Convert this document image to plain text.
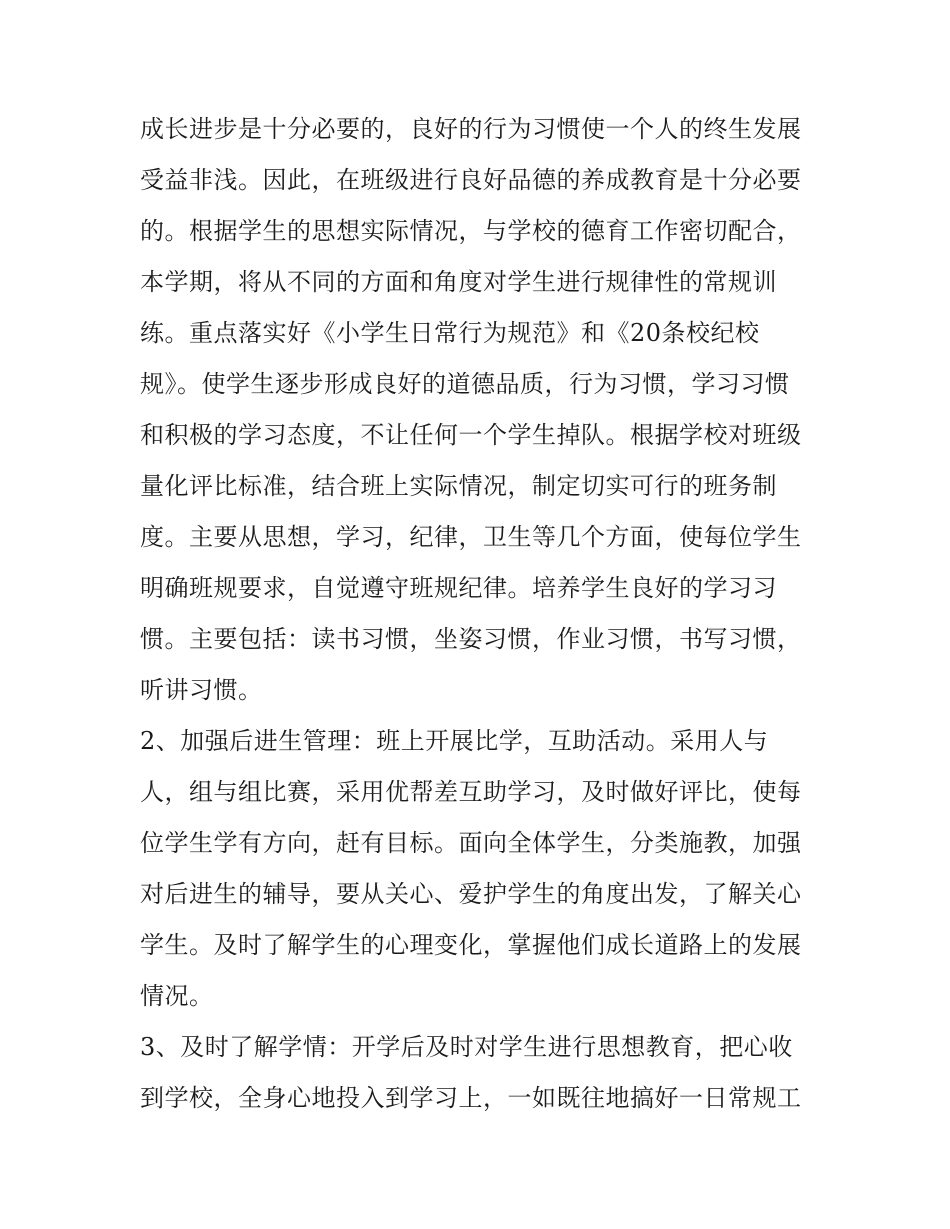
成长进步是十分必要的，良好的行为习惯使一个人的终生发展
受益非浅。因此，在班级进行良好品德的养成教育是十分必要
的。根据学生的思想实际情况，与学校的德育工作密切配合，
本学期，将从不同的方面和角度对学生进行规律性的常规训
练。重点落实好《小学生日常行为规范》和《20条校纪校
规》。使学生逐步形成良好的道德品质，行为习惯，学习习惯
和积极的学习态度，不让任何一个学生掉队。根据学校对班级
量化评比标准，结合班上实际情况，制定切实可行的班务制
度。主要从思想，学习，纪律，卫生等几个方面，使每位学生
明确班规要求，自觉遵守班规纪律。培养学生良好的学习习
惯。主要包括：读书习惯，坐姿习惯，作业习惯，书写习惯，
听讲习惯。
2、加强后进生管理：班上开展比学，互助活动。采用人与
人，组与组比赛，采用优帮差互助学习，及时做好评比，使每
位学生学有方向，赶有目标。面向全体学生，分类施教，加强
对后进生的辅导，要从关心、爱护学生的角度出发，了解关心
学生。及时了解学生的心理变化，掌握他们成长道路上的发展
情况。
3、及时了解学情：开学后及时对学生进行思想教育，把心收
到学校，全身心地投入到学习上，一如既往地搞好一日常规工
